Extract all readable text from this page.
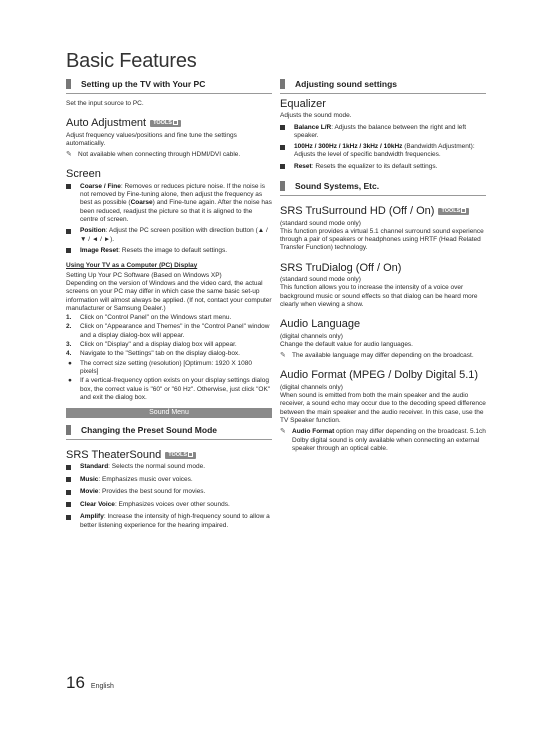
Basic Features
Setting up the TV with Your PC
Set the input source to PC.
Auto Adjustment	TOOLS
Adjust frequency values/positions and fine tune the settings automatically.
✎ Not available when connecting through HDMI/DVI cable.
Screen
Coarse / Fine: Removes or reduces picture noise. If the noise is not removed by Fine-tuning alone, then adjust the frequency as best as possible (Coarse) and Fine-tune again. After the noise has been reduced, readjust the picture so that it is aligned to the centre of screen.
Position: Adjust the PC screen position with direction button (▲ / ▼ / ◄ / ►).
Image Reset: Resets the image to default settings.
Using Your TV as a Computer (PC) Display
Setting Up Your PC Software (Based on Windows XP)
Depending on the version of Windows and the video card, the actual screens on your PC may differ in which case the same basic set-up information will almost always be applied. (If not, contact your computer manufacturer or Samsung Dealer.)
1.	Click on "Control Panel" on the Windows start menu.
2.	Click on "Appearance and Themes" in the "Control Panel" window and a display dialog-box will appear.
3.	Click on "Display" and a display dialog box will appear.
4.	Navigate to the "Settings" tab on the display dialog-box.
●	The correct size setting (resolution) [Optimum: 1920 X 1080 pixels]
●	If a vertical-frequency option exists on your display settings dialog box, the correct value is "60" or "60 Hz". Otherwise, just click "OK" and exit the dialog box.
Sound Menu
Changing the Preset Sound Mode
SRS TheaterSound	TOOLS
Standard: Selects the normal sound mode.
Music: Emphasizes music over voices.
Movie: Provides the best sound for movies.
Clear Voice: Emphasizes voices over other sounds.
Amplify: Increase the intensity of high-frequency sound to allow a better listening experience for the hearing impaired.
Adjusting sound settings
Equalizer
Adjusts the sound mode.
Balance L/R: Adjusts the balance between the right and left speaker.
100Hz / 300Hz / 1kHz / 3kHz / 10kHz (Bandwidth Adjustment): Adjusts the level of specific bandwidth frequencies.
Reset: Resets the equalizer to its default settings.
Sound Systems, Etc.
SRS TruSurround HD (Off / On)	TOOLS
(standard sound mode only)
This function provides a virtual 5.1 channel surround sound experience through a pair of speakers or headphones using HRTF (Head Related Transfer Function) technology.
SRS TruDialog (Off / On)
(standard sound mode only)
This function allows you to increase the intensity of a voice over background music or sound effects so that dialog can be heard more clearly when viewing a show.
Audio Language
(digital channels only)
Change the default value for audio languages.
✎ The available language may differ depending on the broadcast.
Audio Format (MPEG / Dolby Digital 5.1)
(digital channels only)
When sound is emitted from both the main speaker and the audio receiver, a sound echo may occur due to the decoding speed difference between the main speaker and the audio receiver. In this case, use the TV Speaker function.
✎ Audio Format option may differ depending on the broadcast. 5.1ch Dolby digital sound is only available when connecting an external speaker through an optical cable.
16 English
